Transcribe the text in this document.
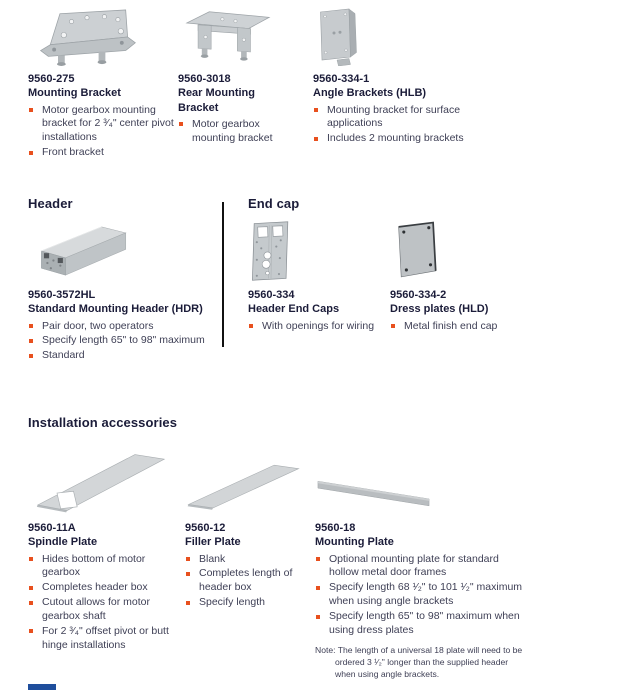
9560-275
Mounting Bracket
Motor gearbox mounting bracket for 2 ³⁄₄" center pivot installations
Front bracket
9560-3018
Rear Mounting Bracket
Motor gearbox mounting bracket
9560-334-1
Angle Brackets (HLB)
Mounting bracket for surface applications
Includes 2 mounting brackets
Header	End cap
9560-3572HL
Standard Mounting Header (HDR)
Pair door, two operators
Specify length 65" to 98" maximum
Standard
9560-334
Header End Caps
With openings for wiring
9560-334-2
Dress plates (HLD)
Metal finish end cap
Installation accessories
9560-11A
Spindle Plate
Hides bottom of motor gearbox
Completes header box
Cutout allows for motor gearbox shaft
For 2 ³⁄₄" offset pivot or butt hinge installations
9560-12
Filler Plate
Blank
Completes length of header box
Specify length
9560-18
Mounting Plate
Optional mounting plate for standard hollow metal door frames
Specify length 68 ¹⁄₂" to 101 ¹⁄₂" maximum when using angle brackets
Specify length 65" to 98" maximum when using dress plates
Note: The length of a universal 18 plate will need to be ordered 3 ¹⁄₂" longer than the supplied header when using angle brackets.
